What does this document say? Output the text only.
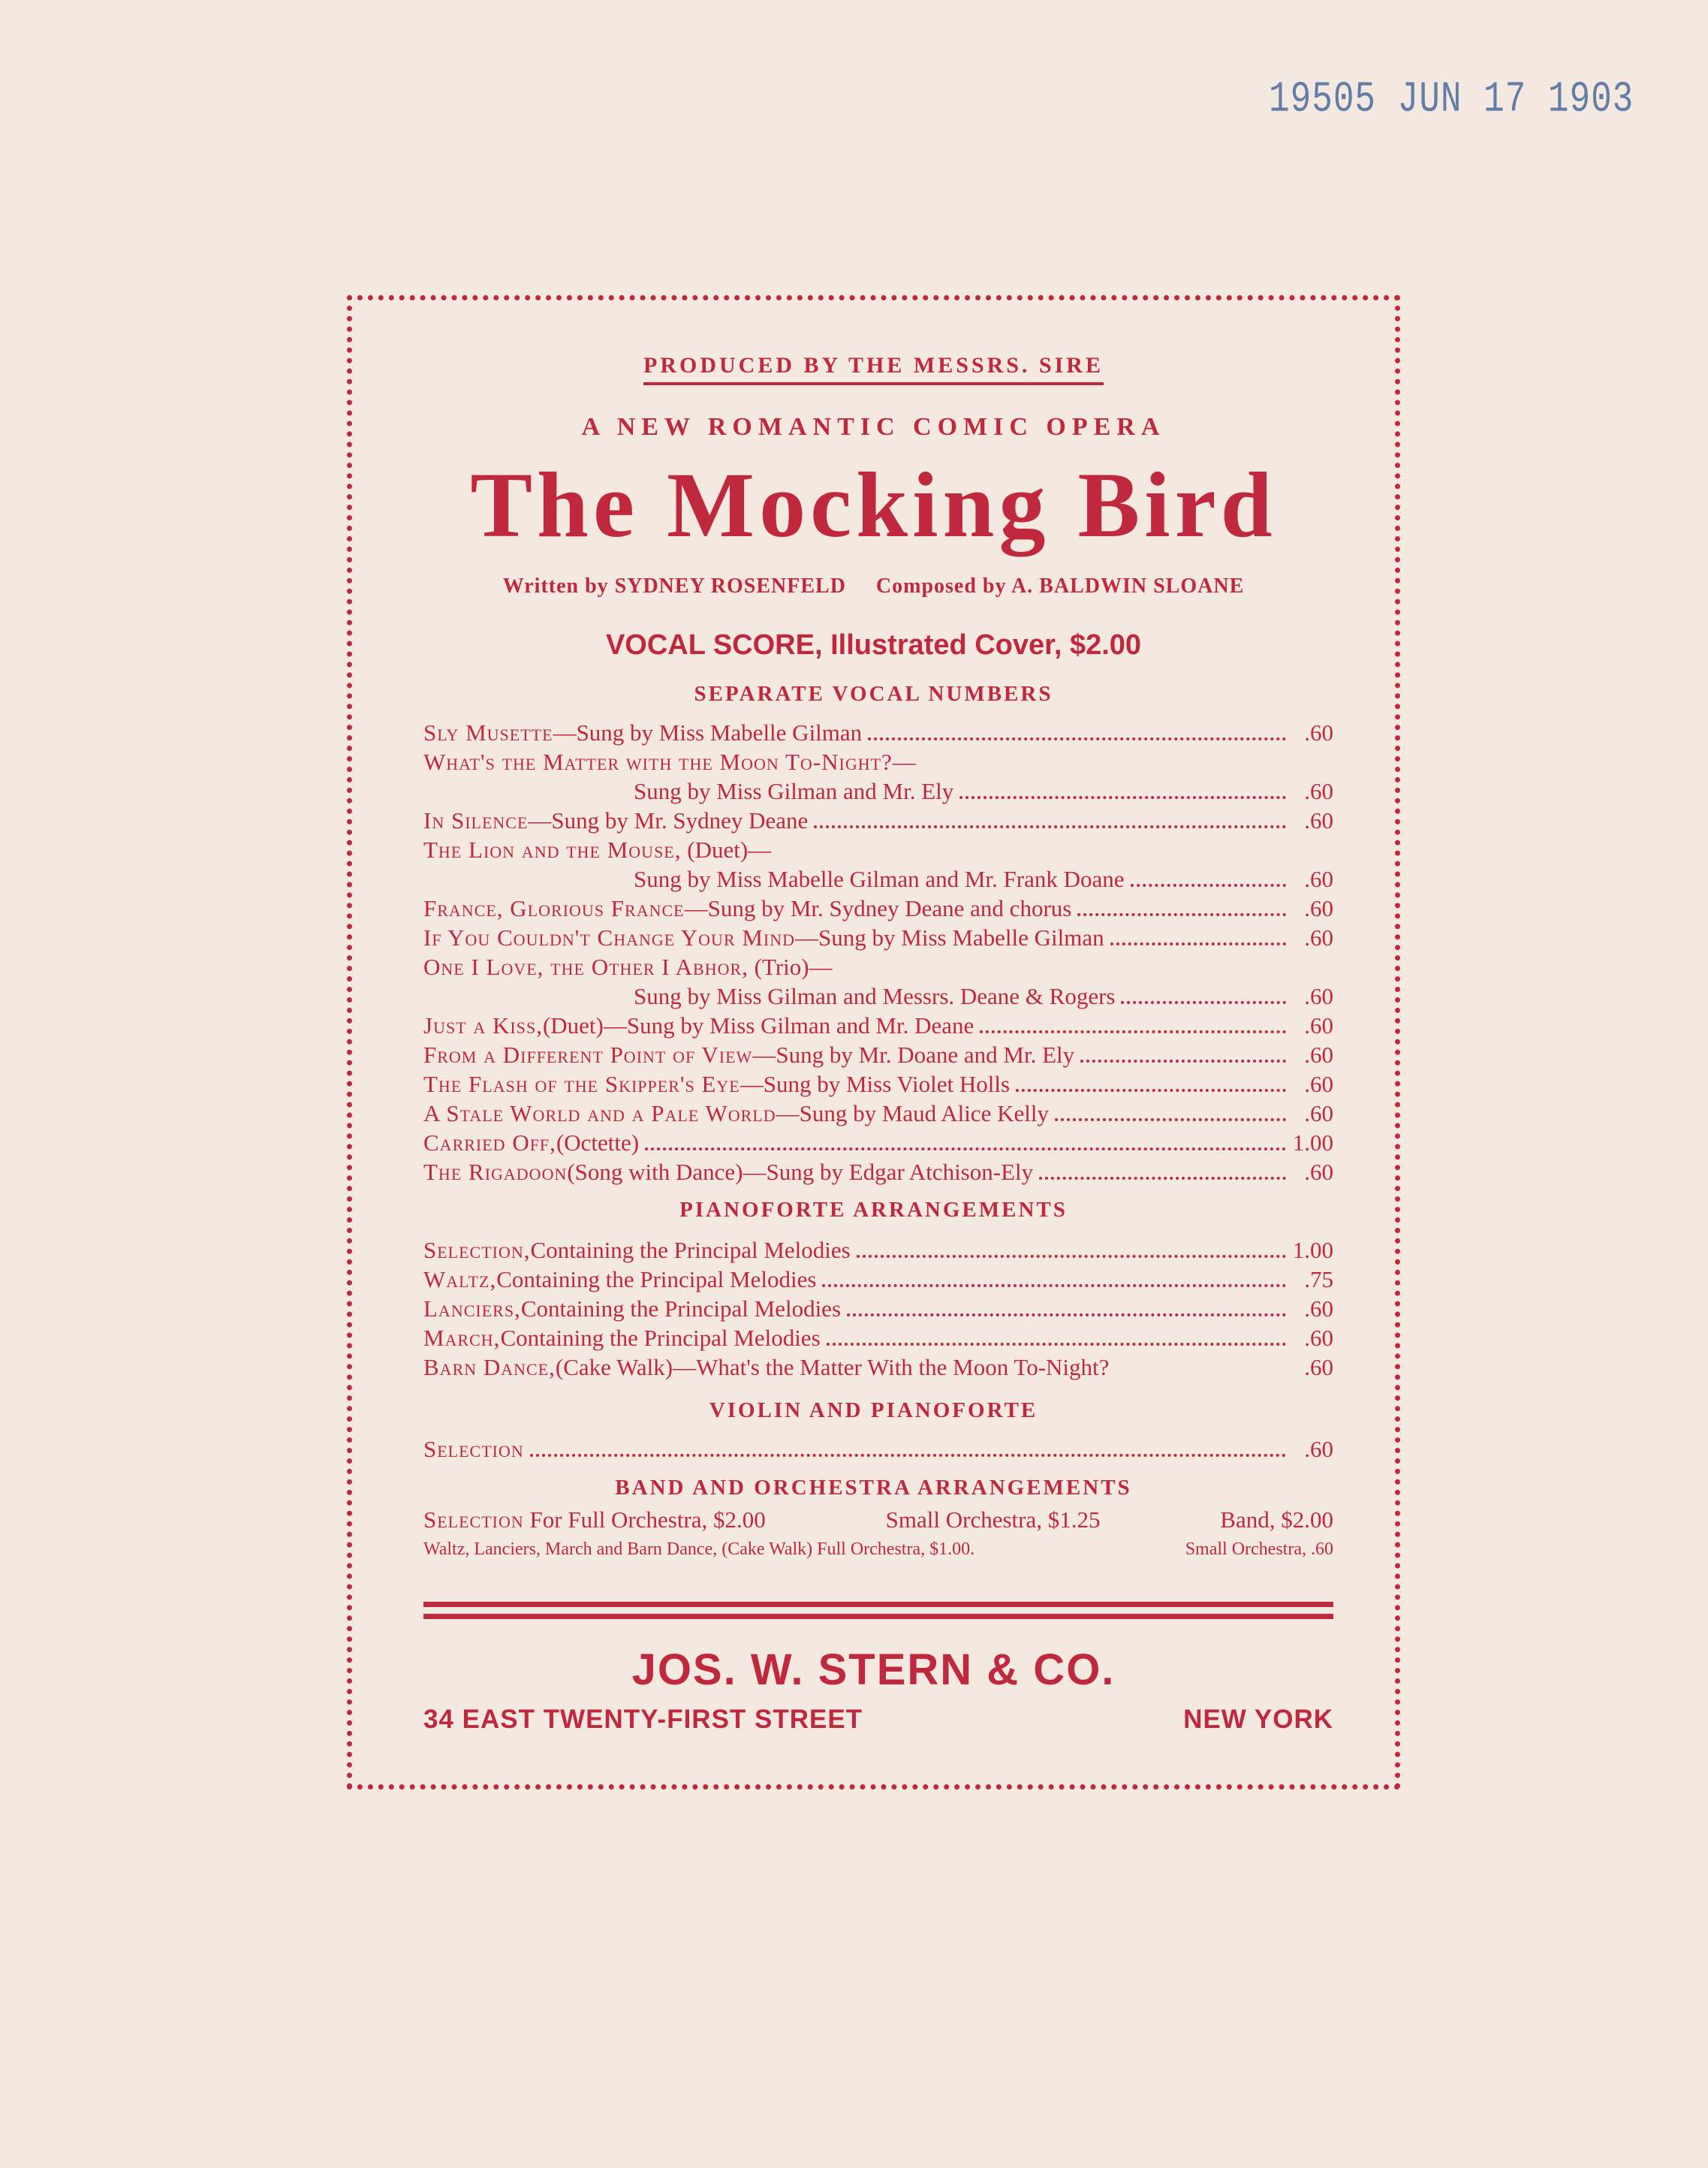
19505 JUN 17 1903
PRODUCED BY THE MESSRS. SIRE
A NEW ROMANTIC COMIC OPERA
The Mocking Bird
Written by SYDNEY ROSENFELD Composed by A. BALDWIN SLOANE
VOCAL SCORE, Illustrated Cover, $2.00
SEPARATE VOCAL NUMBERS
Sly Musette —Sung by Miss Mabelle Gilman	.60
What's the Matter with the Moon To-Night?—
Sung by Miss Gilman and Mr. Ely	.60
In Silence —Sung by Mr. Sydney Deane	.60
The Lion and the Mouse, (Duet)—
Sung by Miss Mabelle Gilman and Mr. Frank Doane	.60
France, Glorious France —Sung by Mr. Sydney Deane and chorus	.60
If You Couldn't Change Your Mind —Sung by Miss Mabelle Gilman	.60
One I Love, the Other I Abhor, (Trio)—
Sung by Miss Gilman and Messrs. Deane & Rogers	.60
Just a Kiss, (Duet)—Sung by Miss Gilman and Mr. Deane	.60
From a Different Point of View —Sung by Mr. Doane and Mr. Ely	.60
The Flash of the Skipper's Eye —Sung by Miss Violet Holls	.60
A Stale World and a Pale World —Sung by Maud Alice Kelly	.60
Carried Off, (Octette)	1.00
The Rigadoon (Song with Dance)—Sung by Edgar Atchison-Ely	.60
PIANOFORTE ARRANGEMENTS
Selection, Containing the Principal Melodies	1.00
Waltz, Containing the Principal Melodies	.75
Lanciers, Containing the Principal Melodies	.60
March, Containing the Principal Melodies	.60
Barn Dance, (Cake Walk)—What's the Matter With the Moon To-Night?	.60
VIOLIN AND PIANOFORTE
Selection	.60
BAND AND ORCHESTRA ARRANGEMENTS
Selection For Full Orchestra, $2.00	Small Orchestra, $1.25	Band, $2.00
Waltz, Lanciers, March and Barn Dance, (Cake Walk) Full Orchestra, $1.00.	Small Orchestra, .60
JOS. W. STERN & CO.
34 EAST TWENTY-FIRST STREET	NEW YORK
